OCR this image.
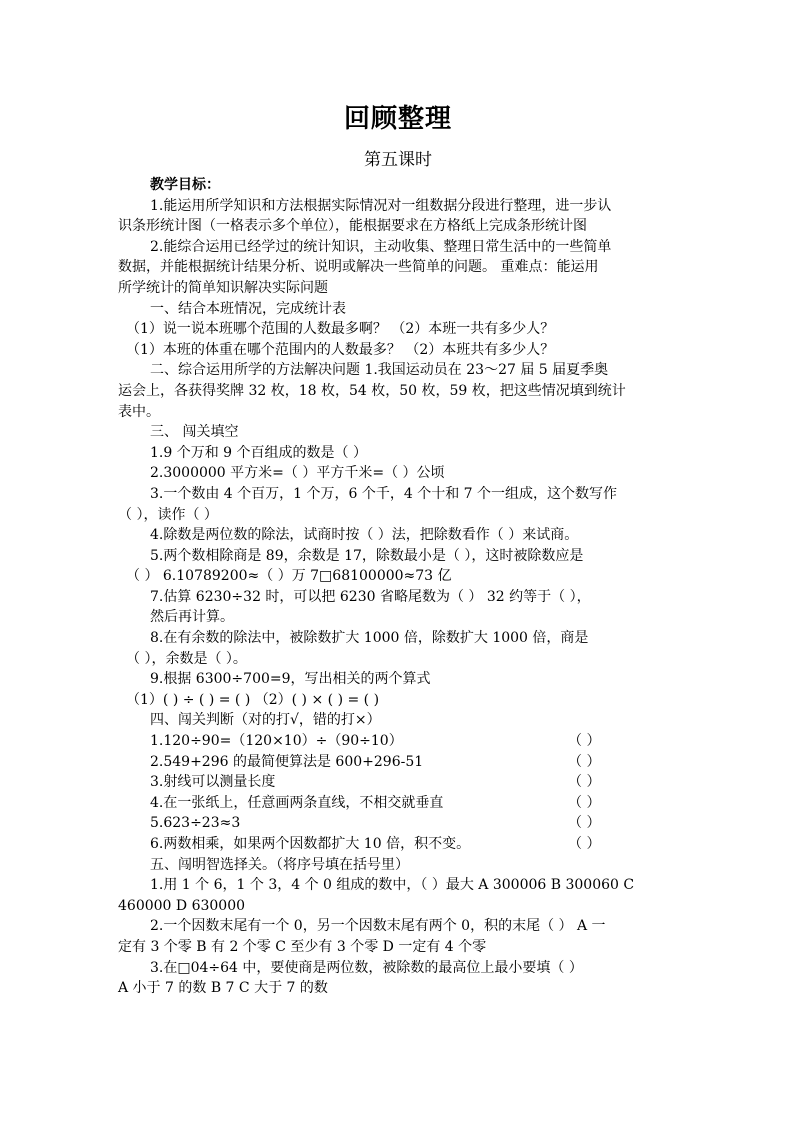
回顾整理
第五课时
教学目标：
1.能运用所学知识和方法根据实际情况对一组数据分段进行整理，进一步认
识条形统计图（一格表示多个单位），能根据要求在方格纸上完成条形统计图
2.能综合运用已经学过的统计知识，主动收集、整理日常生活中的一些简单
数据，并能根据统计结果分析、说明或解决一些简单的问题。 重难点：能运用
所学统计的简单知识解决实际问题
一、结合本班情况，完成统计表
（1）说一说本班哪个范围的人数最多啊？ （2）本班一共有多少人？
（1）本班的体重在哪个范围内的人数最多？ （2）本班共有多少人？
二、综合运用所学的方法解决问题 1.我国运动员在 23～27 届 5 届夏季奥
运会上，各获得奖牌 32 枚，18 枚，54 枚，50 枚，59 枚，把这些情况填到统计
表中。
三、 闯关填空
1.9 个万和 9 个百组成的数是（ ）
2.3000000 平方米=（ ）平方千米=（ ）公顷
3.一个数由 4 个百万，1 个万，6 个千，4 个十和 7 个一组成，这个数写作
（ ），读作（ ）
4.除数是两位数的除法，试商时按（ ）法，把除数看作（ ）来试商。
5.两个数相除商是 89，余数是 17，除数最小是（ ），这时被除数应是
（ ） 6.10789200≈（ ）万 7□68100000≈73 亿
7.估算 6230÷32 时，可以把 6230 省略尾数为（ ） 32 约等于（ ），
然后再计算。
8.在有余数的除法中，被除数扩大 1000 倍，除数扩大 1000 倍，商是
（ ），余数是（ ）。
9.根据 6300÷700=9，写出相关的两个算式
（1）( ) ÷ ( ) = ( ) （2）( ) × ( ) = ( )
四、闯关判断（对的打√，错的打×）
1.120÷90=（120×10）÷（90÷10）	（ ）
2.549+296 的最简便算法是 600+296-51	（ ）
3.射线可以测量长度	（ ）
4.在一张纸上，任意画两条直线，不相交就垂直	（ ）
5.623÷23≈3	（ ）
6.两数相乘，如果两个因数都扩大 10 倍，积不变。	（ ）
五、闯明智选择关。（将序号填在括号里）
1.用 1 个 6，1 个 3，4 个 0 组成的数中，（ ）最大 A 300006 B 300060 C
460000 D 630000
2.一个因数末尾有一个 0，另一个因数末尾有两个 0，积的末尾（ ） A 一
定有 3 个零 B 有 2 个零 C 至少有 3 个零 D 一定有 4 个零
3.在□04÷64 中，要使商是两位数，被除数的最高位上最小要填（ ）
A 小于 7 的数 B 7 C 大于 7 的数
